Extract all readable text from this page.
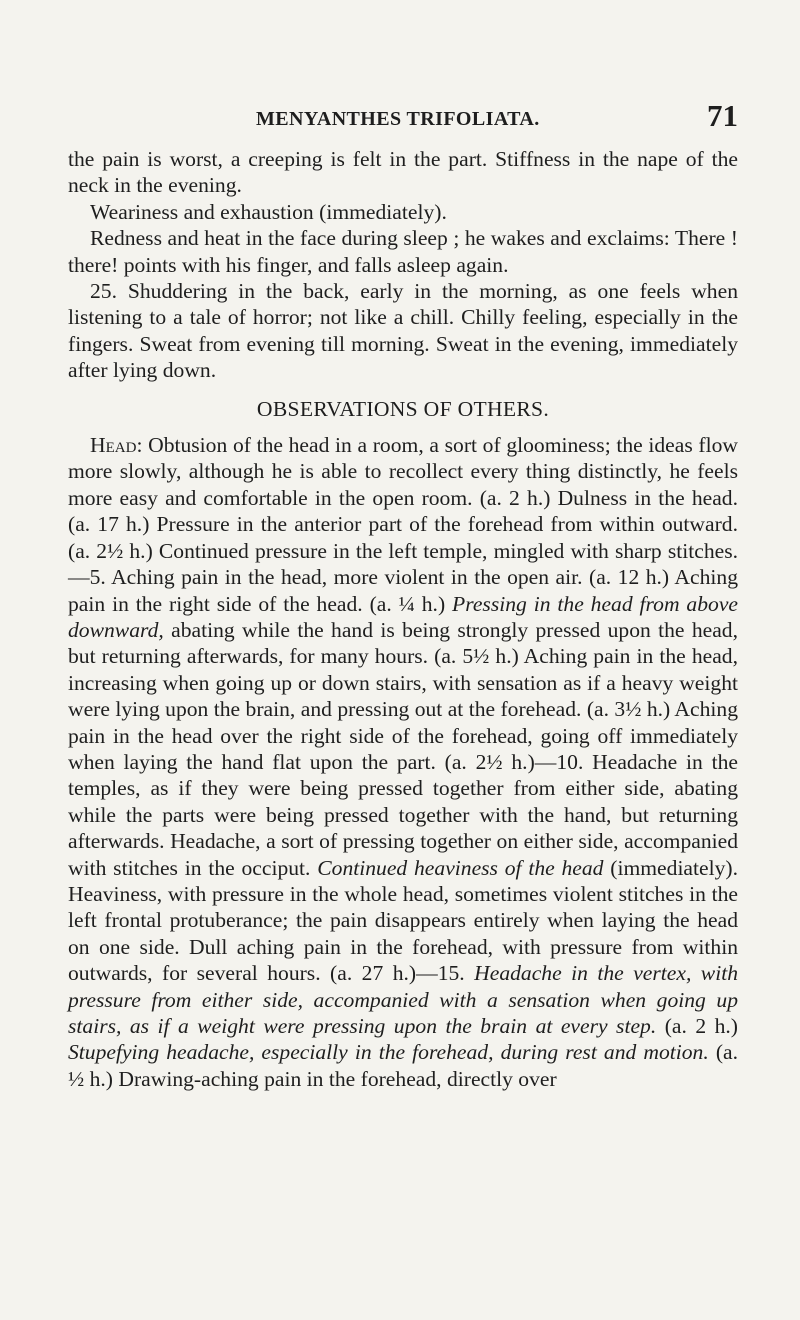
MENYANTHES TRIFOLIATA.	71

the pain is worst, a creeping is felt in the part. Stiffness in the nape of the neck in the evening.

Weariness and exhaustion (immediately).

Redness and heat in the face during sleep ; he wakes and exclaims: There ! there! points with his finger, and falls asleep again.

25. Shuddering in the back, early in the morning, as one feels when listening to a tale of horror; not like a chill. Chilly feeling, especially in the fingers. Sweat from evening till morning. Sweat in the evening, immediately after lying down.

OBSERVATIONS OF OTHERS.

Head: Obtusion of the head in a room, a sort of gloominess; the ideas flow more slowly, although he is able to recollect every thing distinctly, he feels more easy and comfortable in the open room. (a. 2 h.) Dulness in the head. (a. 17 h.) Pressure in the anterior part of the forehead from within outward. (a. 2½ h.) Continued pressure in the left temple, mingled with sharp stitches.—5. Aching pain in the head, more violent in the open air. (a. 12 h.) Aching pain in the right side of the head. (a. ¼ h.) Pressing in the head from above downward, abating while the hand is being strongly pressed upon the head, but returning afterwards, for many hours. (a. 5½ h.) Aching pain in the head, increasing when going up or down stairs, with sensation as if a heavy weight were lying upon the brain, and pressing out at the forehead. (a. 3½ h.) Aching pain in the head over the right side of the forehead, going off immediately when laying the hand flat upon the part. (a. 2½ h.)—10. Headache in the temples, as if they were being pressed together from either side, abating while the parts were being pressed together with the hand, but returning afterwards. Headache, a sort of pressing together on either side, accompanied with stitches in the occiput. Continued heaviness of the head (immediately). Heaviness, with pressure in the whole head, sometimes violent stitches in the left frontal protuberance; the pain disappears entirely when laying the head on one side. Dull aching pain in the forehead, with pressure from within outwards, for several hours. (a. 27 h.)—15. Headache in the vertex, with pressure from either side, accompanied with a sensation when going up stairs, as if a weight were pressing upon the brain at every step. (a. 2 h.) Stupefying headache, especially in the forehead, during rest and motion. (a. ½ h.) Drawing-aching pain in the forehead, directly over
